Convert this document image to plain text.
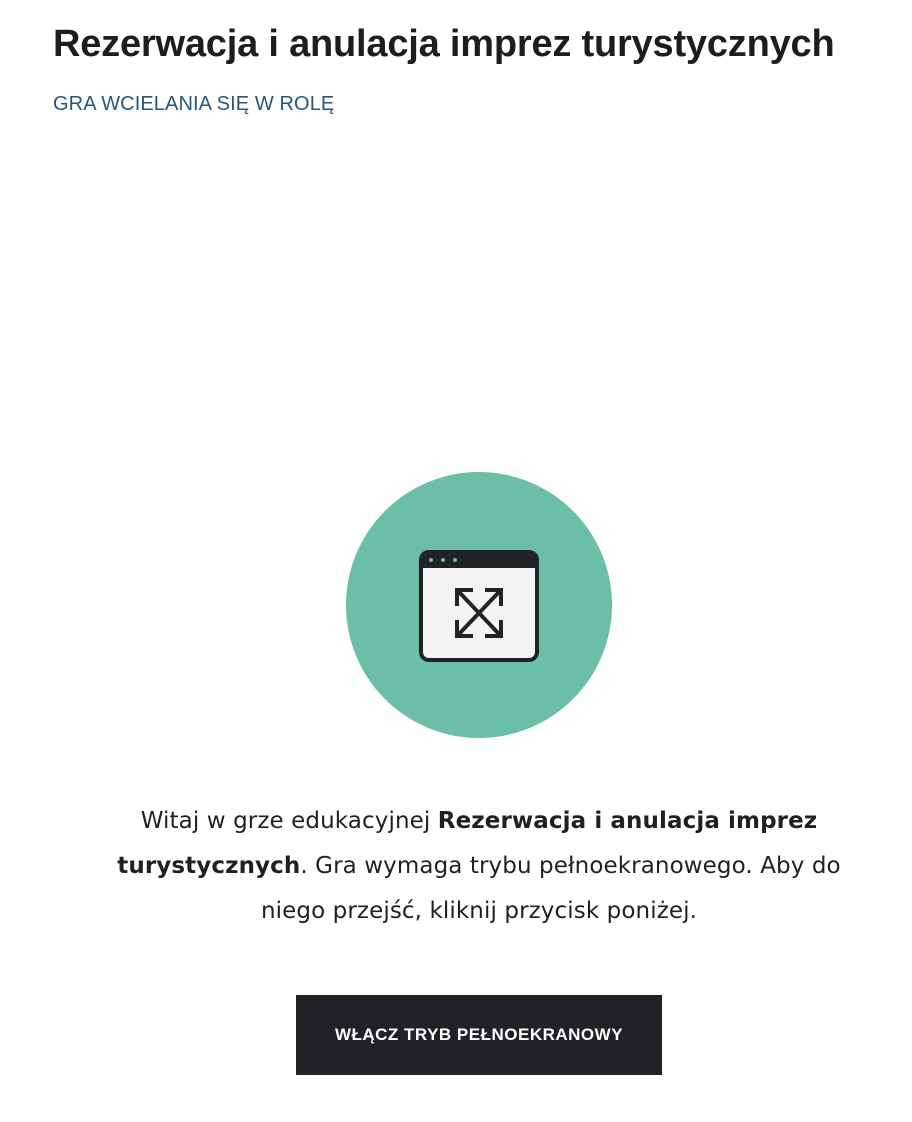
Rezerwacja i anulacja imprez turystycznych
GRA WCIELANIA SIĘ W ROLĘ

Witaj w grze edukacyjnej Rezerwacja i anulacja imprez turystycznych. Gra wymaga trybu pełnoekranowego. Aby do niego przejść, kliknij przycisk poniżej.

WŁĄCZ TRYB PEŁNOEKRANOWY
